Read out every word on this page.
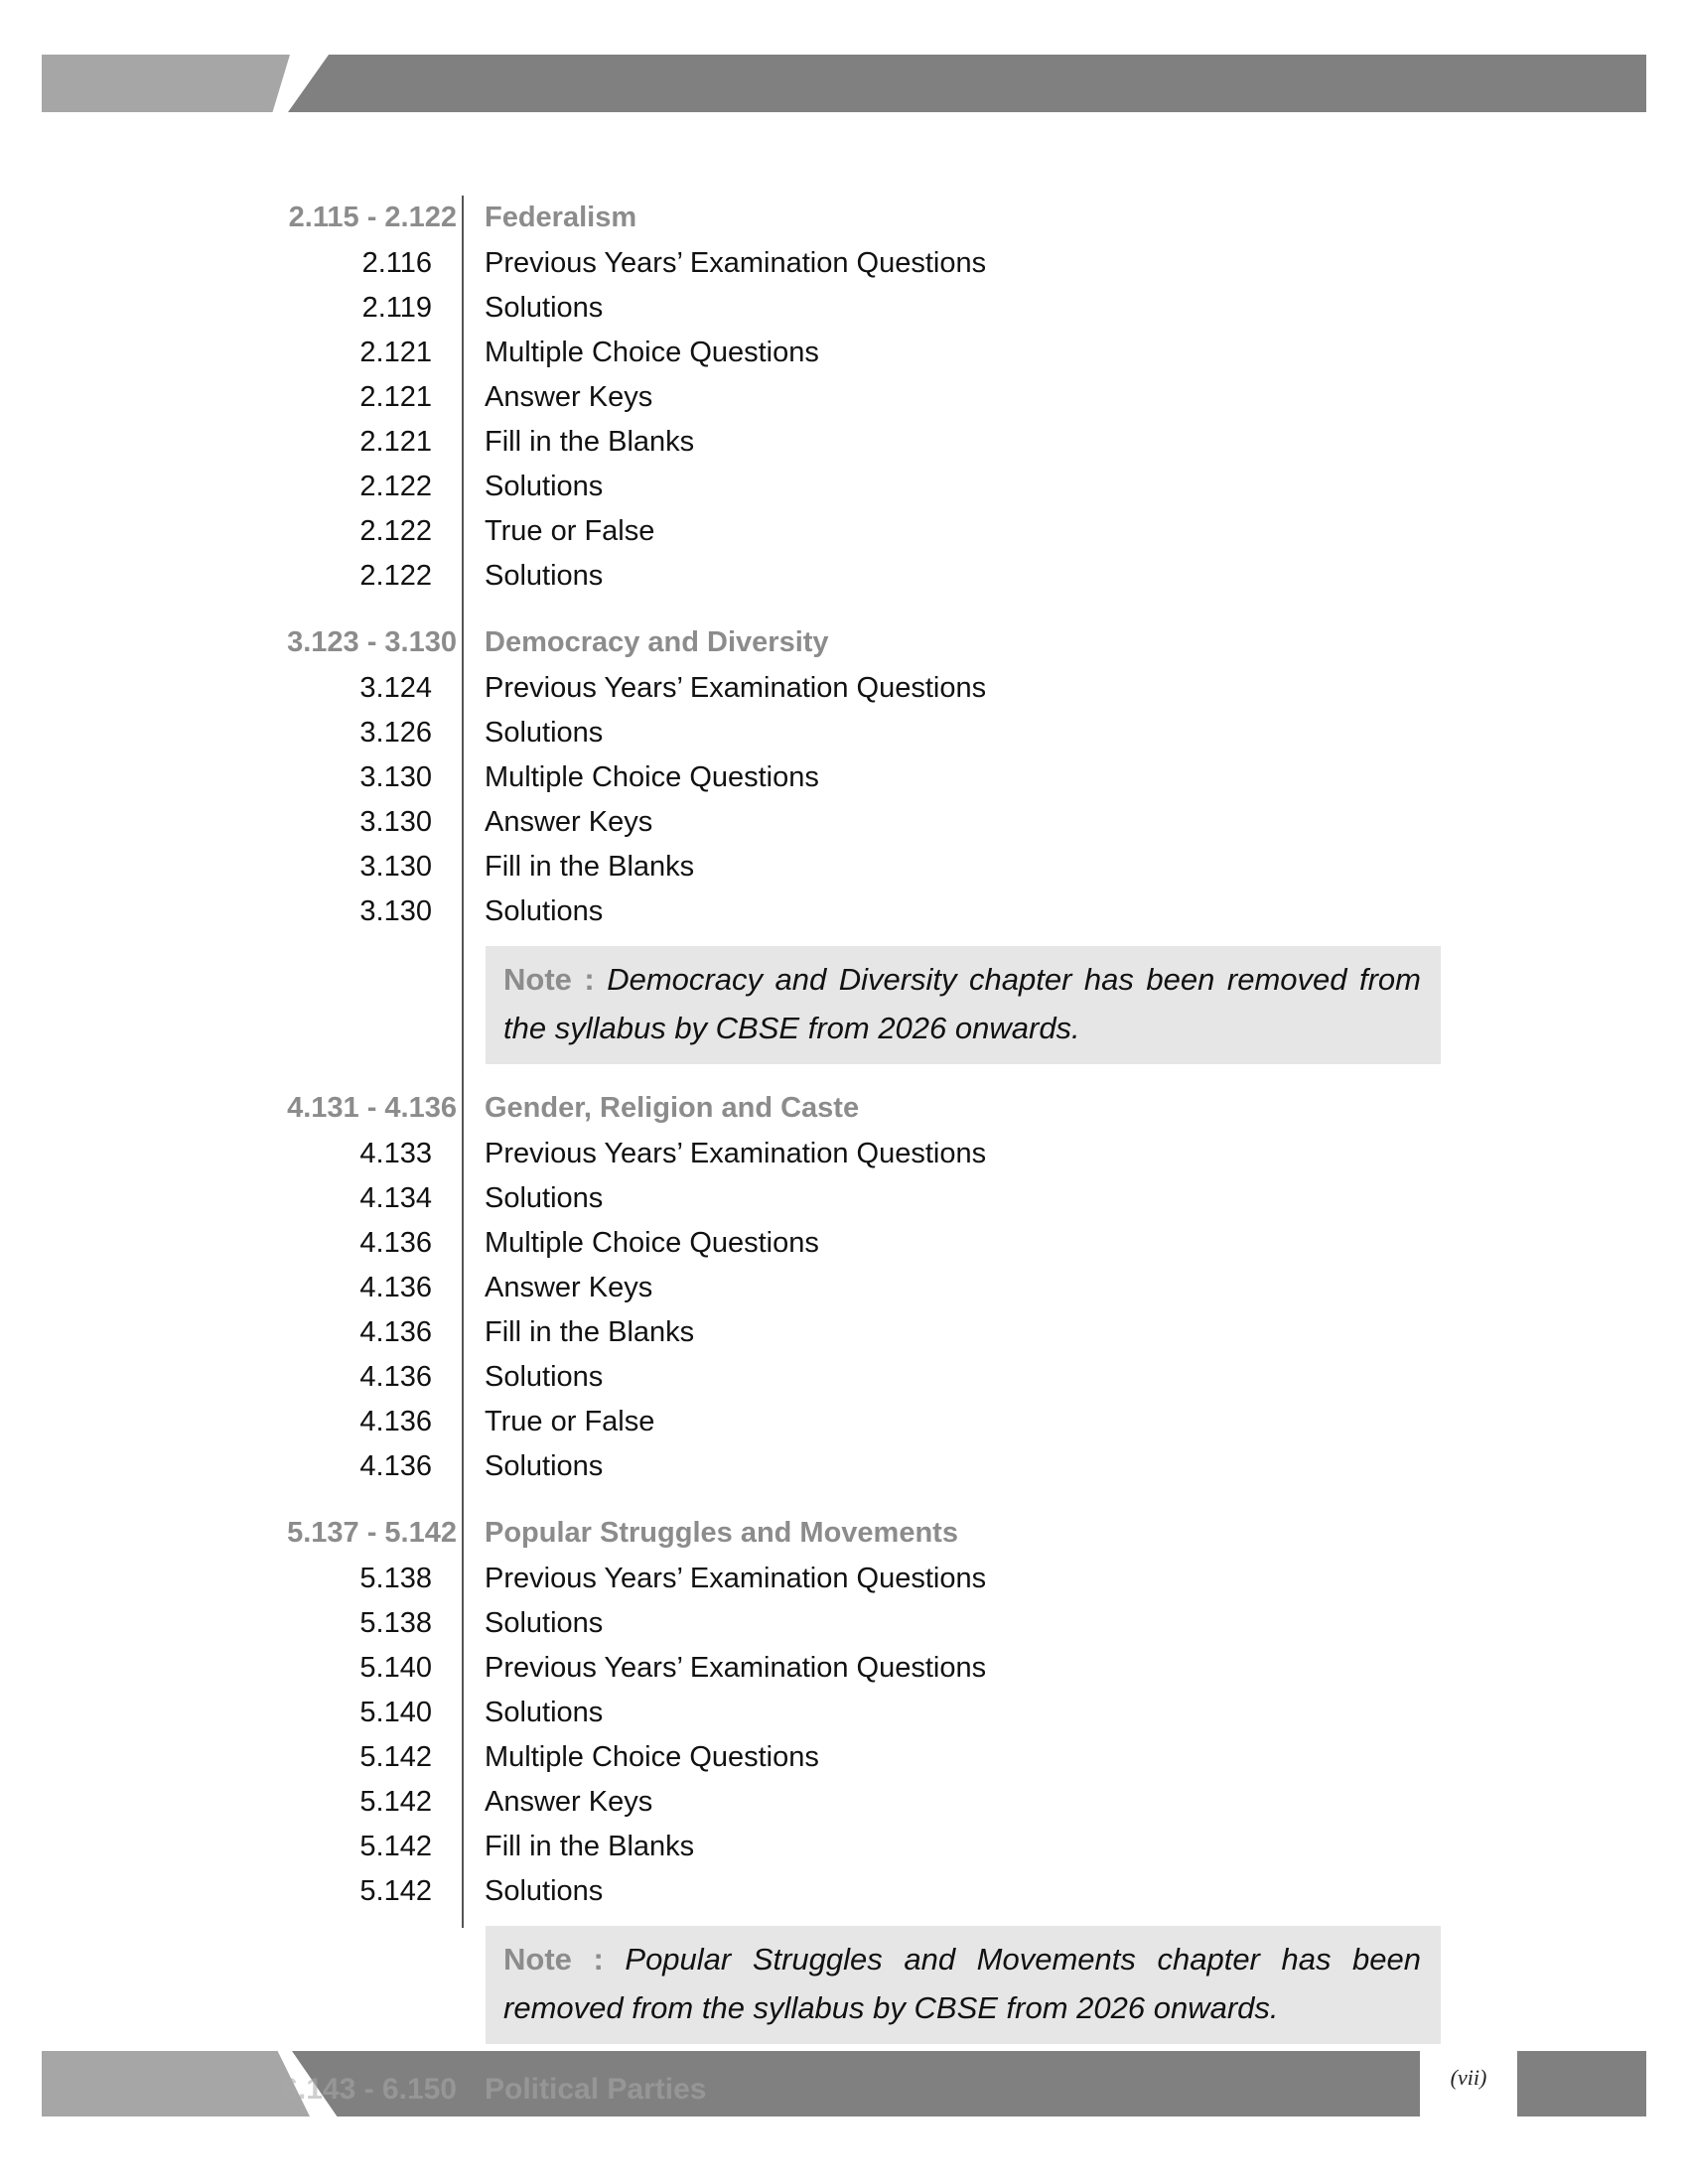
2.115 - 2.122 Federalism
2.116 Previous Years’ Examination Questions
2.119 Solutions
2.121 Multiple Choice Questions
2.121 Answer Keys
2.121 Fill in the Blanks
2.122 Solutions
2.122 True or False
2.122 Solutions
3.123 - 3.130 Democracy and Diversity
3.124 Previous Years’ Examination Questions
3.126 Solutions
3.130 Multiple Choice Questions
3.130 Answer Keys
3.130 Fill in the Blanks
3.130 Solutions
Note : Democracy and Diversity chapter has been removed from the syllabus by CBSE from 2026 onwards.
4.131 - 4.136 Gender, Religion and Caste
4.133 Previous Years’ Examination Questions
4.134 Solutions
4.136 Multiple Choice Questions
4.136 Answer Keys
4.136 Fill in the Blanks
4.136 Solutions
4.136 True or False
4.136 Solutions
5.137 - 5.142 Popular Struggles and Movements
5.138 Previous Years’ Examination Questions
5.138 Solutions
5.140 Previous Years’ Examination Questions
5.140 Solutions
5.142 Multiple Choice Questions
5.142 Answer Keys
5.142 Fill in the Blanks
5.142 Solutions
Note : Popular Struggles and Movements chapter has been removed from the syllabus by CBSE from 2026 onwards.
6.143 - 6.150 Political Parties	(vii)
